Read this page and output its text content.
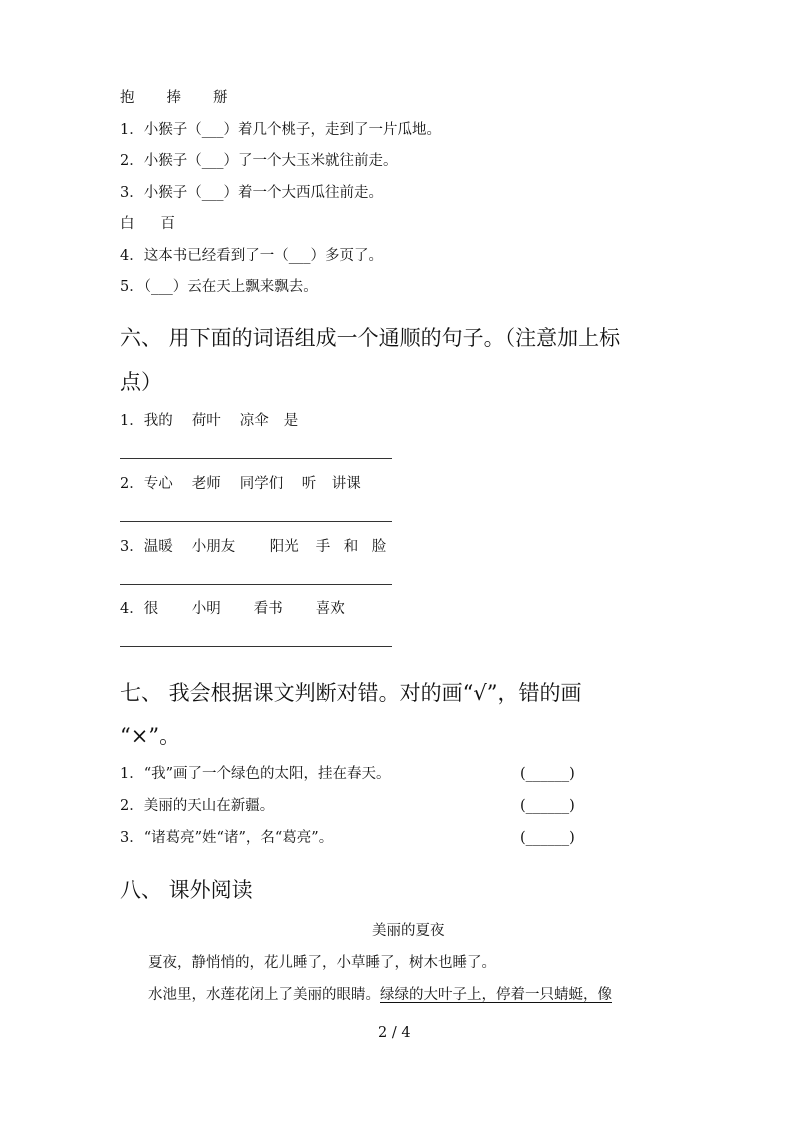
抱 捧 掰
1．小猴子（___）着几个桃子，走到了一片瓜地。
2．小猴子（___）了一个大玉米就往前走。
3．小猴子（___）着一个大西瓜往前走。
白 百
4．这本书已经看到了一（___）多页了。
5．（___）云在天上飘来飘去。
六、 用下面的词语组成一个通顺的句子。（注意加上标
点）
1．我的 荷叶 凉伞 是
2．专心 老师 同学们 听 讲课
3．温暖 小朋友 阳光 手 和 脸
4．很 小明 看书 喜欢
七、 我会根据课文判断对错。对的画“√”，错的画
“×”。
1．“我”画了一个绿色的太阳，挂在春天。	(______)
2．美丽的天山在新疆。	(______)
3．“诸葛亮”姓“诸”，名“葛亮”。	(______)
八、 课外阅读
美丽的夏夜
夏夜，静悄悄的，花儿睡了，小草睡了，树木也睡了。
水池里，水莲花闭上了美丽的眼睛。绿绿的大叶子上，停着一只蜻蜓，像
2 / 4
